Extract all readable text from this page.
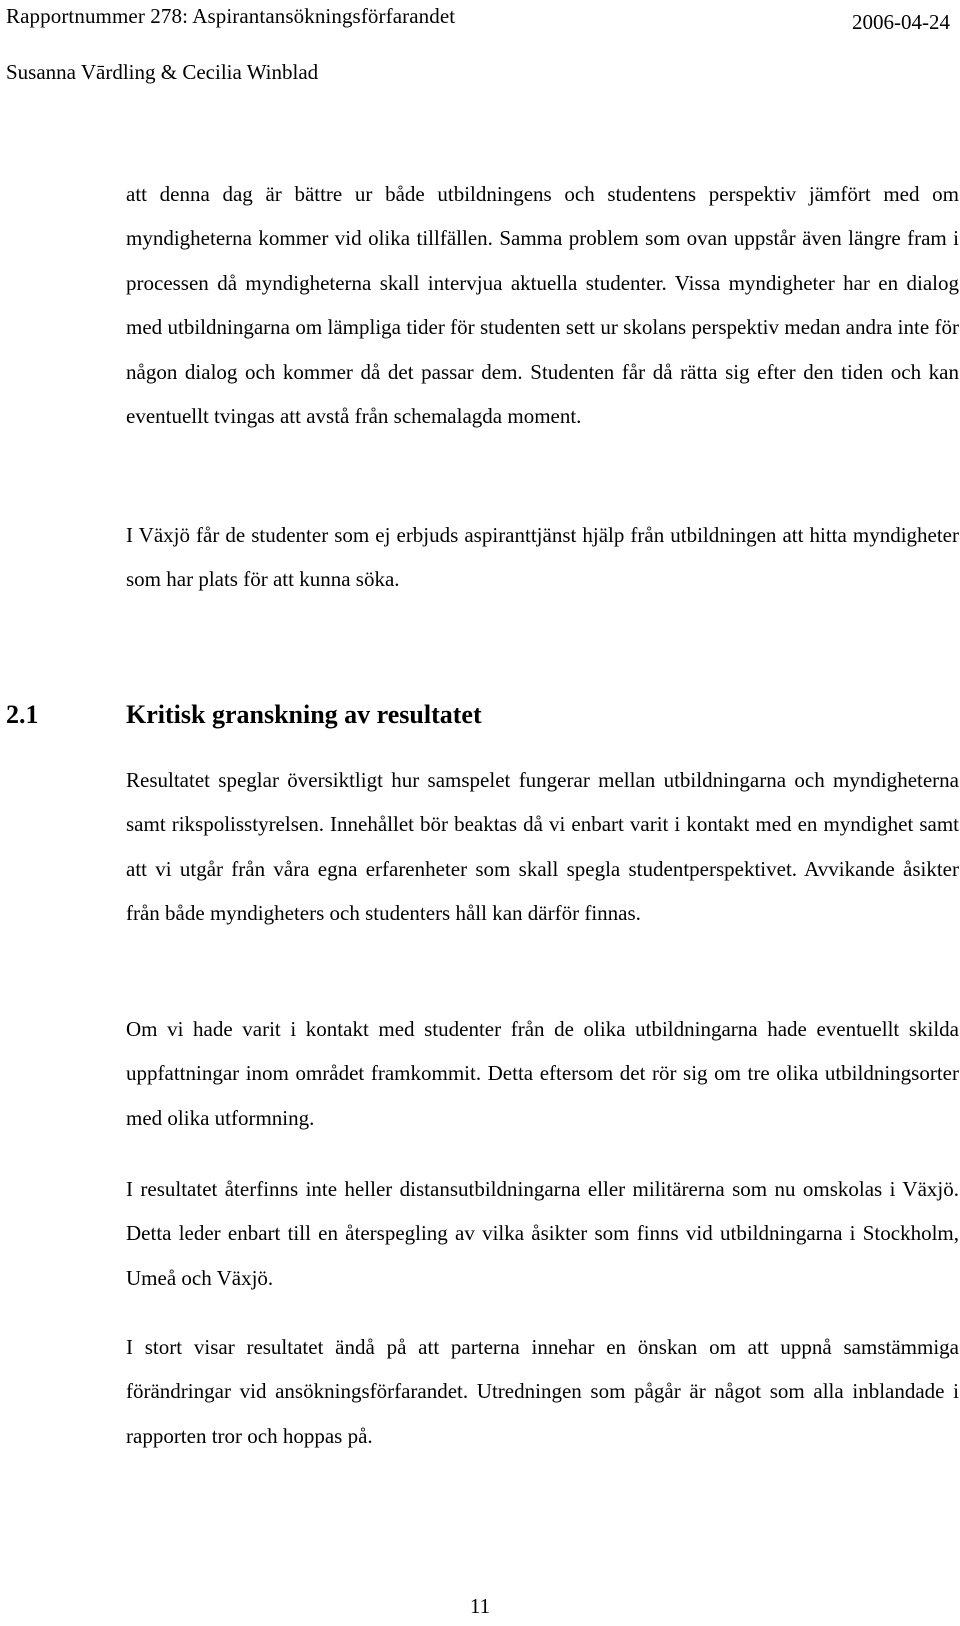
Rapportnummer 278: Aspirantansökningsförfarandet	2006-04-24
Susanna Vārdling & Cecilia Winblad

att denna dag är bättre ur både utbildningens och studentens perspektiv jämfört med om myndigheterna kommer vid olika tillfällen. Samma problem som ovan uppstår även längre fram i processen då myndigheterna skall intervjua aktuella studenter. Vissa myndigheter har en dialog med utbildningarna om lämpliga tider för studenten sett ur skolans perspektiv medan andra inte för någon dialog och kommer då det passar dem. Studenten får då rätta sig efter den tiden och kan eventuellt tvingas att avstå från schemalagda moment.

I Växjö får de studenter som ej erbjuds aspiranttjänst hjälp från utbildningen att hitta myndigheter som har plats för att kunna söka.

2.1	Kritisk granskning av resultatet

Resultatet speglar översiktligt hur samspelet fungerar mellan utbildningarna och myndigheterna samt rikspolisstyrelsen. Innehållet bör beaktas då vi enbart varit i kontakt med en myndighet samt att vi utgår från våra egna erfarenheter som skall spegla studentperspektivet. Avvikande åsikter från både myndigheters och studenters håll kan därför finnas.

Om vi hade varit i kontakt med studenter från de olika utbildningarna hade eventuellt skilda uppfattningar inom området framkommit. Detta eftersom det rör sig om tre olika utbildningsorter med olika utformning.

I resultatet återfinns inte heller distansutbildningarna eller militärerna som nu omskolas i Växjö. Detta leder enbart till en återspegling av vilka åsikter som finns vid utbildningarna i Stockholm, Umeå och Växjö.

I stort visar resultatet ändå på att parterna innehar en önskan om att uppnå samstämmiga förändringar vid ansökningsförfarandet. Utredningen som pågår är något som alla inblandade i rapporten tror och hoppas på.

11
